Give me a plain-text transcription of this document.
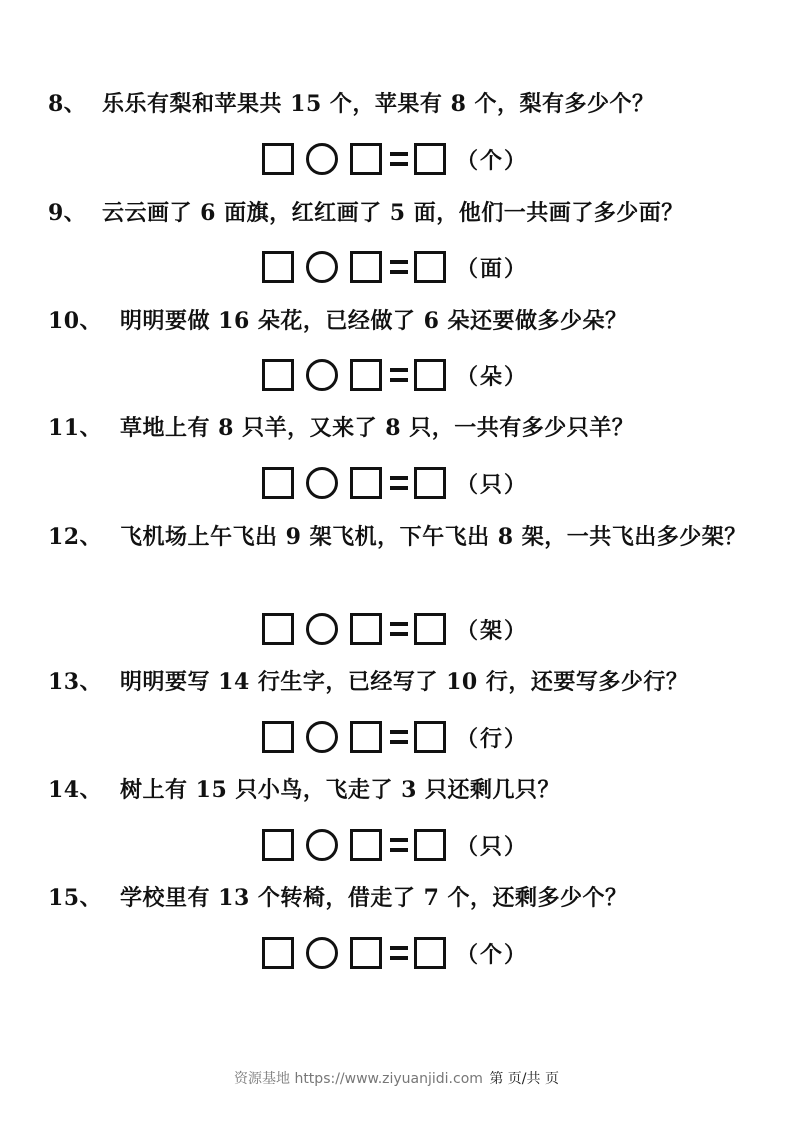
8、 乐乐有梨和苹果共 15 个，苹果有 8 个，梨有多少个？
（个）
9、 云云画了 6 面旗，红红画了 5 面，他们一共画了多少面？
（面）
10、 明明要做 16 朵花，已经做了 6 朵还要做多少朵？
（朵）
11、 草地上有 8 只羊，又来了 8 只，一共有多少只羊？
（只）
12、 飞机场上午飞出 9 架飞机，下午飞出 8 架，一共飞出多少架？
（架）
13、 明明要写 14 行生字，已经写了 10 行，还要写多少行？
（行）
14、 树上有 15 只小鸟，飞走了 3 只还剩几只？
（只）
15、 学校里有 13 个转椅，借走了 7 个，还剩多少个？
（个）
资源基地 https://www.ziyuanjidi.com 第 页/共 页
